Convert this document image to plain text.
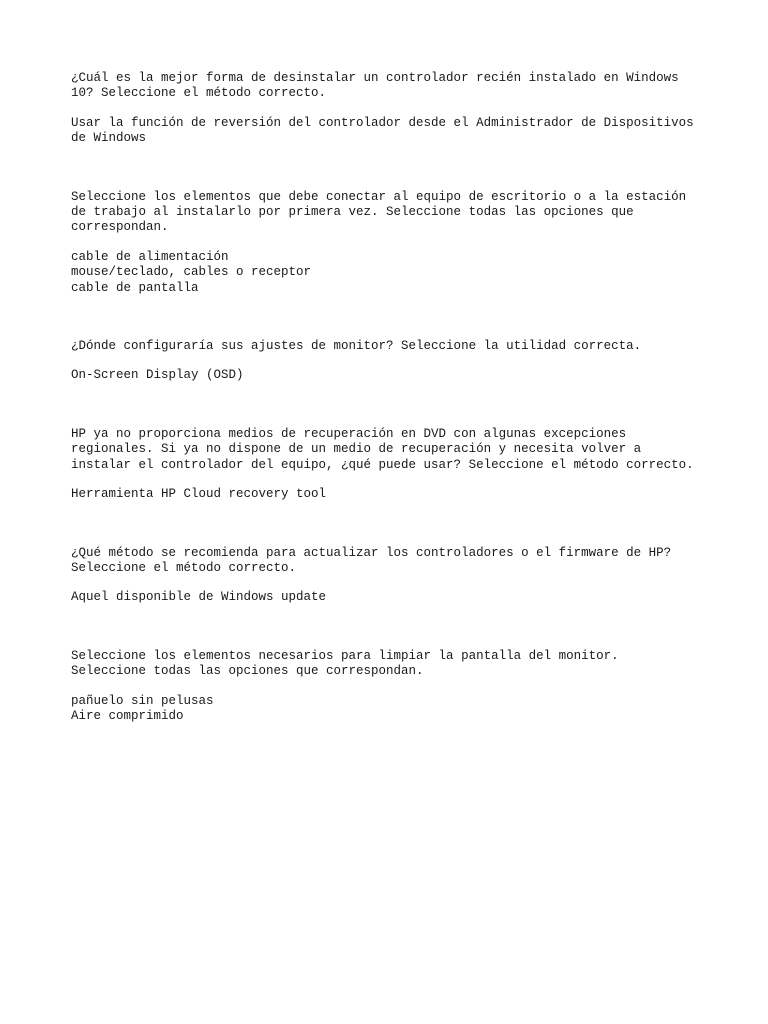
¿Cuál es la mejor forma de desinstalar un controlador recién instalado en Windows
10? Seleccione el método correcto.

Usar la función de reversión del controlador desde el Administrador de Dispositivos
de Windows

Seleccione los elementos que debe conectar al equipo de escritorio o a la estación
de trabajo al instalarlo por primera vez. Seleccione todas las opciones que
correspondan.

cable de alimentación
mouse/teclado, cables o receptor
cable de pantalla

¿Dónde configuraría sus ajustes de monitor? Seleccione la utilidad correcta.

On-Screen Display (OSD)

HP ya no proporciona medios de recuperación en DVD con algunas excepciones
regionales. Si ya no dispone de un medio de recuperación y necesita volver a
instalar el controlador del equipo, ¿qué puede usar? Seleccione el método correcto.

Herramienta HP Cloud recovery tool

¿Qué método se recomienda para actualizar los controladores o el firmware de HP?
Seleccione el método correcto.

Aquel disponible de Windows update

Seleccione los elementos necesarios para limpiar la pantalla del monitor.
Seleccione todas las opciones que correspondan.

pañuelo sin pelusas
Aire comprimido
